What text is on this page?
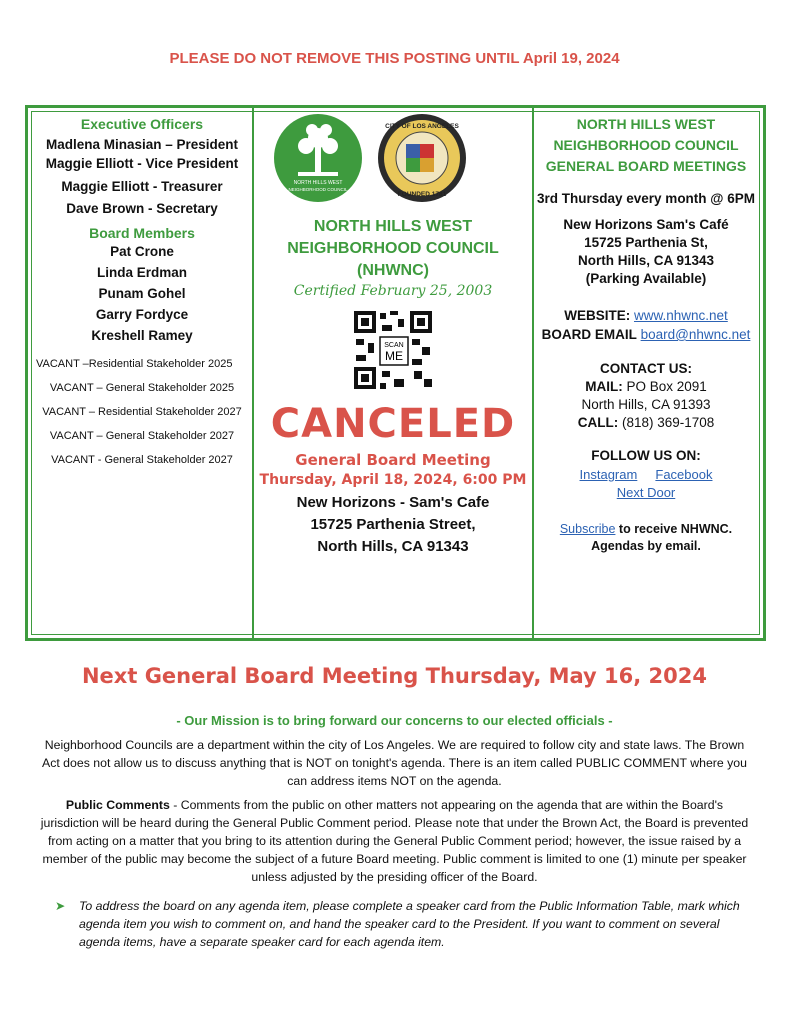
PLEASE DO NOT REMOVE THIS POSTING UNTIL April 19, 2024
Executive Officers
Madlena Minasian – President
Maggie Elliott - Vice President
Maggie Elliott - Treasurer
Dave Brown - Secretary
Board Members
Pat Crone
Linda Erdman
Punam Gohel
Garry Fordyce
Kreshell Ramey
VACANT –Residential Stakeholder 2025
VACANT – General Stakeholder 2025
VACANT – Residential Stakeholder 2027
VACANT – General Stakeholder 2027
VACANT - General Stakeholder 2027
NORTH HILLS WEST
NEIGHBORHOOD COUNCIL
CITY OF LOS ANGELES
FOUNDED 1781
NORTH HILLS WEST
NEIGHBORHOOD COUNCIL
(NHWNC)
Certified February 25, 2003
SCAN
ME
CANCELED
General Board Meeting
Thursday, April 18, 2024, 6:00 PM
New Horizons - Sam's Cafe
15725 Parthenia Street,
North Hills, CA 91343
NORTH HILLS WEST
NEIGHBORHOOD COUNCIL
GENERAL BOARD MEETINGS
3rd Thursday every month @ 6PM
New Horizons Sam's Café
15725 Parthenia St,
North Hills, CA 91343
(Parking Available)
WEBSITE: www.nhwnc.net
BOARD EMAIL board@nhwnc.net
CONTACT US:
MAIL: PO Box 2091
North Hills, CA 91393
CALL: (818) 369-1708
FOLLOW US ON:
Instagram Facebook
Next Door
Subscribe to receive NHWNC.
Agendas by email.
Next General Board Meeting Thursday, May 16, 2024
- Our Mission is to bring forward our concerns to our elected officials -
Neighborhood Councils are a department within the city of Los Angeles. We are required to follow city and state laws. The Brown Act does not allow us to discuss anything that is NOT on tonight's agenda. There is an item called PUBLIC COMMENT where you can address items NOT on the agenda.
Public Comments - Comments from the public on other matters not appearing on the agenda that are within the Board's jurisdiction will be heard during the General Public Comment period. Please note that under the Brown Act, the Board is prevented from acting on a matter that you bring to its attention during the General Public Comment period; however, the issue raised by a member of the public may become the subject of a future Board meeting. Public comment is limited to one (1) minute per speaker unless adjusted by the presiding officer of the Board.
➤ To address the board on any agenda item, please complete a speaker card from the Public Information Table, mark which agenda item you wish to comment on, and hand the speaker card to the President. If you want to comment on several agenda items, have a separate speaker card for each agenda item.
